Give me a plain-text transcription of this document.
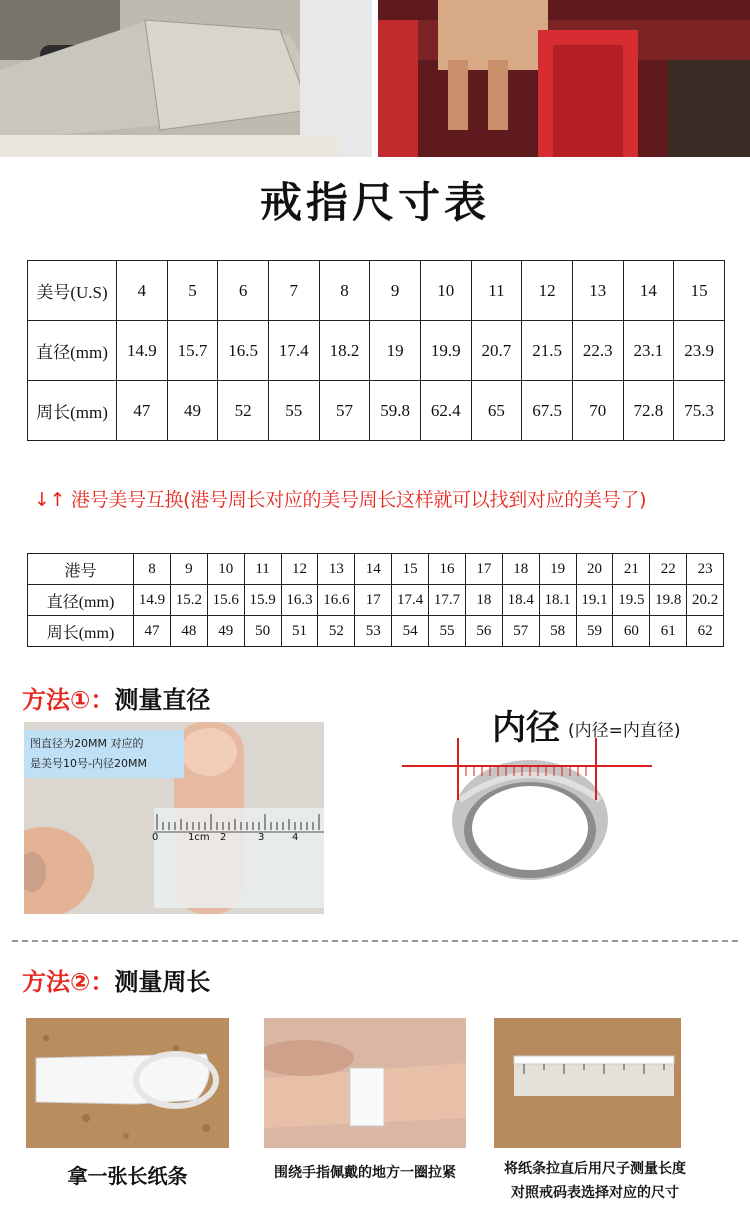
戒指尺寸表
美号(U.S)	4	5	6	7	8	9	10	11	12	13	14	15
直径(mm)	14.9	15.7	16.5	17.4	18.2	19	19.9	20.7	21.5	22.3	23.1	23.9
周长(mm)	47	49	52	55	57	59.8	62.4	65	67.5	70	72.8	75.3
↓↑ 港号美号互换(港号周长对应的美号周长这样就可以找到对应的美号了)
港号	8	9	10	11	12	13	14	15	16	17	18	19	20	21	22	23
直径(mm)	14.9	15.2	15.6	15.9	16.3	16.6	17	17.4	17.7	18	18.4	18.1	19.1	19.5	19.8	20.2
周长(mm)	47	48	49	50	51	52	53	54	55	56	57	58	59	60	61	62
方法①：测量直径
0	1cm 2	3	4
图直径为20MM 对应的
是美号10号-内径20MM
内径 (内径=内直径)
方法②：测量周长
拿一张长纸条	围绕手指佩戴的地方一圈拉紧	将纸条拉直后用尺子测量长度
对照戒码表选择对应的尺寸
